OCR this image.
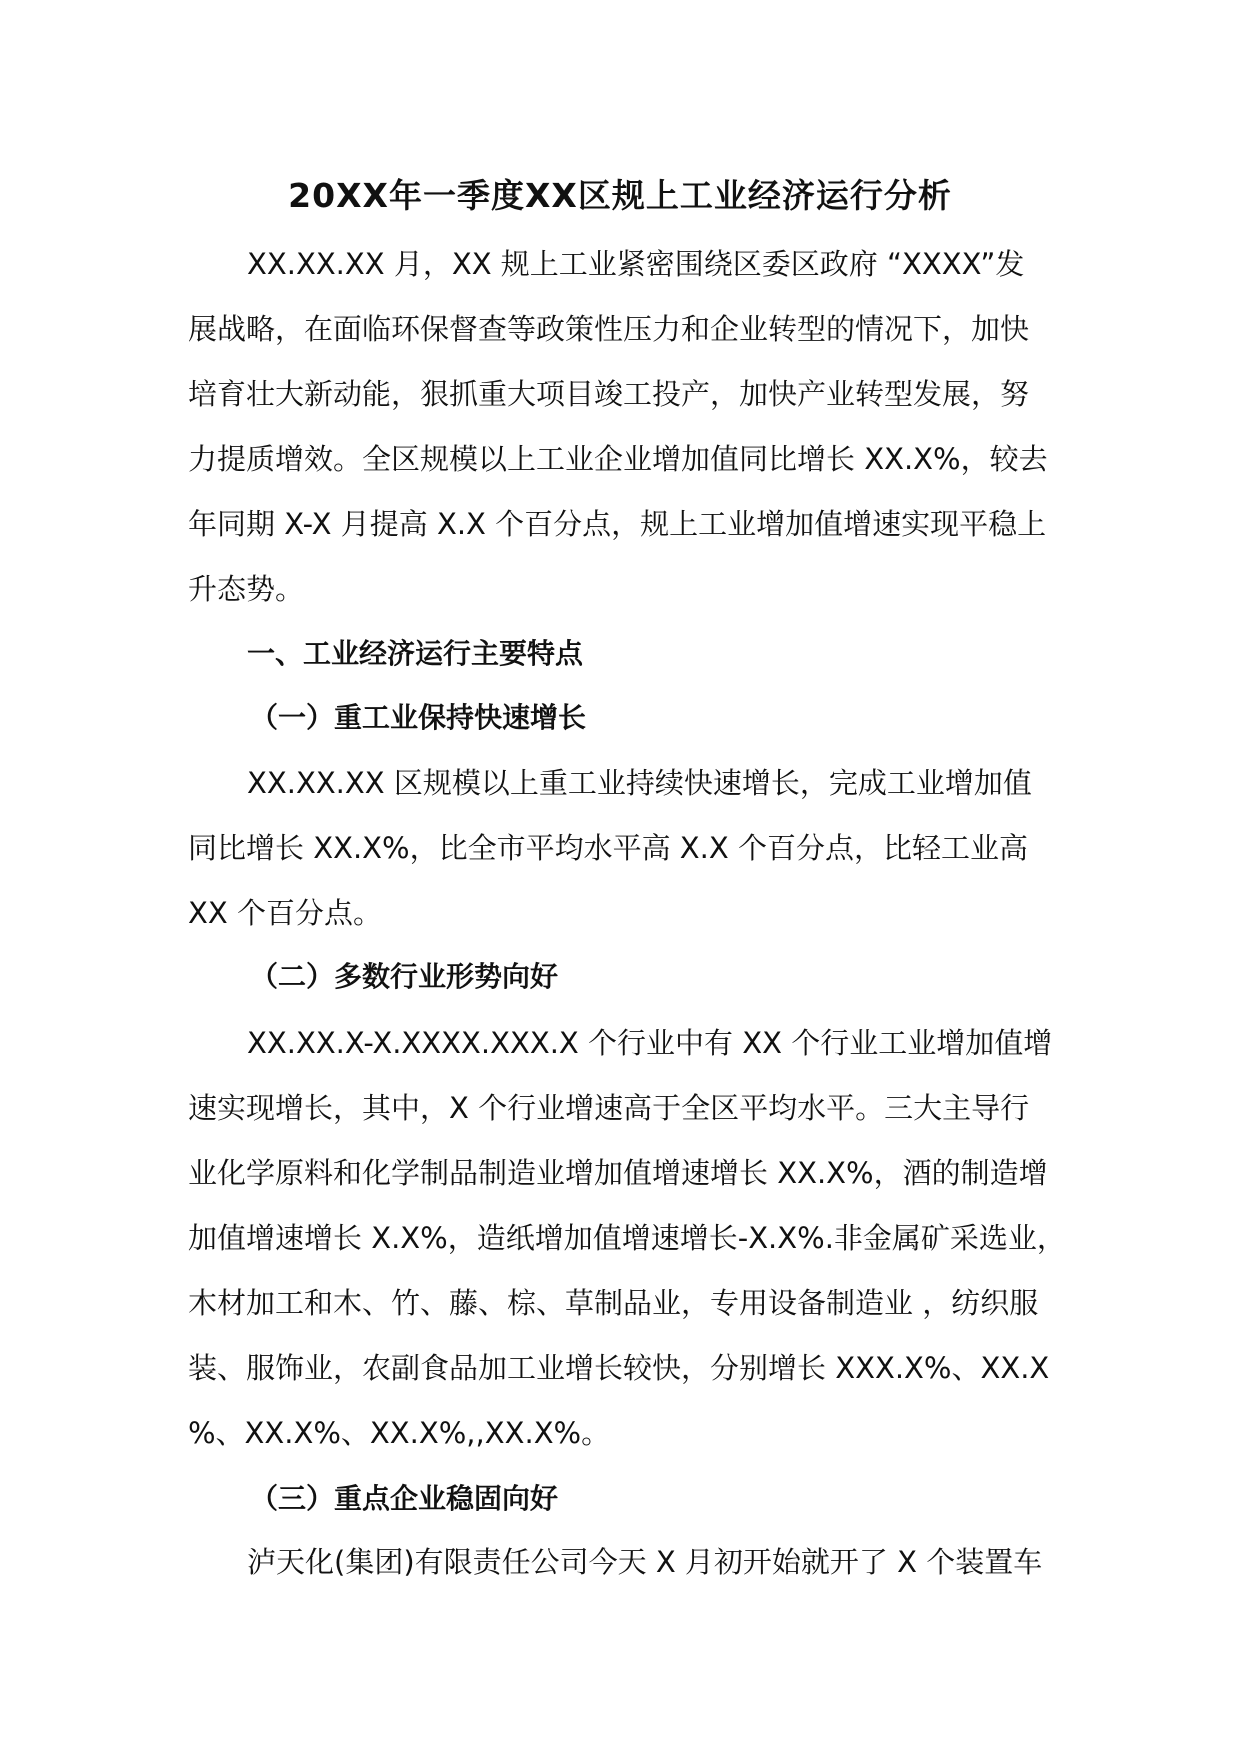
20XX年一季度XX区规上工业经济运行分析
XX.XX.XX 月，XX 规上工业紧密围绕区委区政府 “XXXX”发
展战略，在面临环保督查等政策性压力和企业转型的情况下，加快
培育壮大新动能，狠抓重大项目竣工投产，加快产业转型发展，努
力提质增效。全区规模以上工业企业增加值同比增长 XX.X%，较去
年同期 X-X 月提高 X.X 个百分点，规上工业增加值增速实现平稳上
升态势。
一、工业经济运行主要特点
（一）重工业保持快速增长
XX.XX.XX 区规模以上重工业持续快速增长，完成工业增加值
同比增长 XX.X%，比全市平均水平高 X.X 个百分点，比轻工业高
XX 个百分点。
（二）多数行业形势向好
XX.XX.X-X.XXXX.XXX.X 个行业中有 XX 个行业工业增加值增
速实现增长，其中，X 个行业增速高于全区平均水平。三大主导行
业化学原料和化学制品制造业增加值增速增长 XX.X%，酒的制造增
加值增速增长 X.X%，造纸增加值增速增长-X.X%.非金属矿采选业，
木材加工和木、竹、藤、棕、草制品业，专用设备制造业 ，纺织服
装、服饰业，农副食品加工业增长较快，分别增长 XXX.X%、XX.X
%、XX.X%、XX.X%,,XX.X%。
（三）重点企业稳固向好
泸天化(集团)有限责任公司今天 X 月初开始就开了 X 个装置车
